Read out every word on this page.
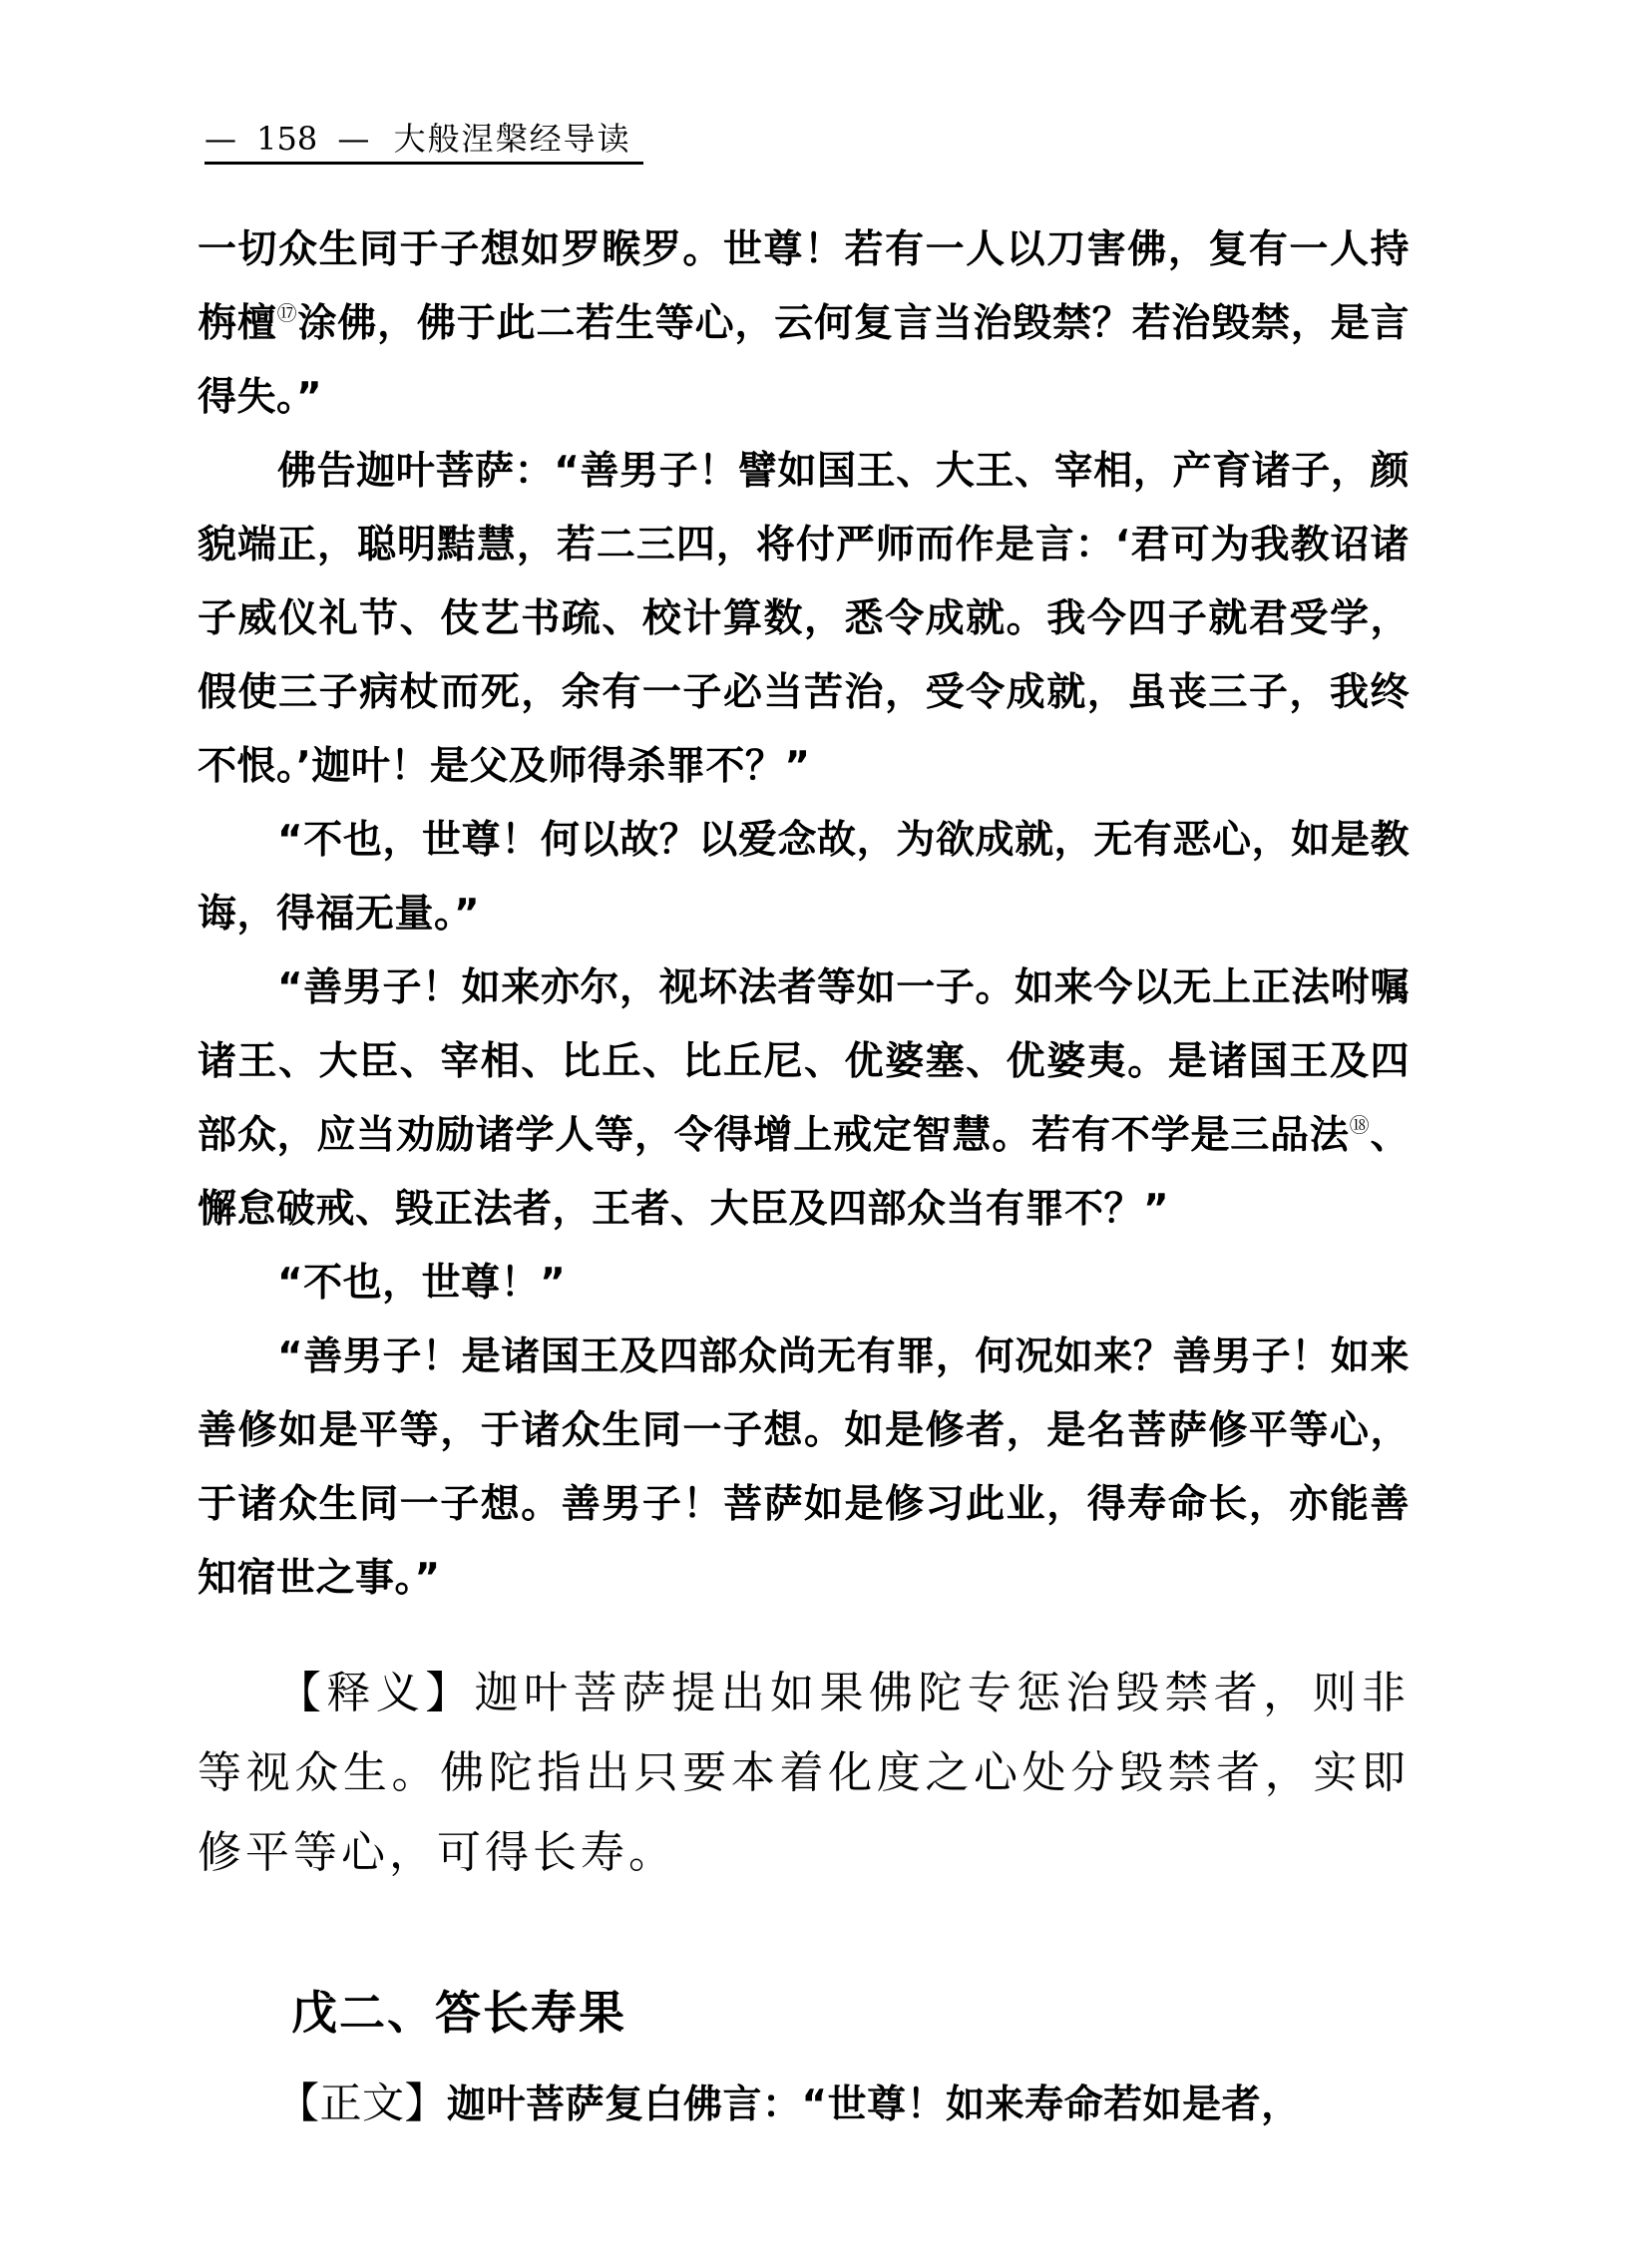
— 158 — 大般涅槃经导读

一切众生同于子想如罗睺罗。世尊！若有一人以刀害佛，复有一人持栴檀⑰涂佛，佛于此二若生等心，云何复言当治毁禁？若治毁禁，是言得失。”

佛告迦叶菩萨：“善男子！譬如国王、大王、宰相，产育诸子，颜貌端正，聪明黠慧，若二三四，将付严师而作是言：‘君可为我教诏诸子威仪礼节、伎艺书疏、校计算数，悉令成就。我今四子就君受学，假使三子病杖而死，余有一子必当苦治，受令成就，虽丧三子，我终不恨。’迦叶！是父及师得杀罪不？”

“不也，世尊！何以故？以爱念故，为欲成就，无有恶心，如是教诲，得福无量。”

“善男子！如来亦尔，视坏法者等如一子。如来今以无上正法咐嘱诸王、大臣、宰相、比丘、比丘尼、优婆塞、优婆夷。是诸国王及四部众，应当劝励诸学人等，令得增上戒定智慧。若有不学是三品法⑱、懈怠破戒、毁正法者，王者、大臣及四部众当有罪不？”

“不也，世尊！”

“善男子！是诸国王及四部众尚无有罪，何况如来？善男子！如来善修如是平等，于诸众生同一子想。如是修者，是名菩萨修平等心，于诸众生同一子想。善男子！菩萨如是修习此业，得寿命长，亦能善知宿世之事。”

【释义】迦叶菩萨提出如果佛陀专惩治毁禁者，则非等视众生。佛陀指出只要本着化度之心处分毁禁者，实即修平等心，可得长寿。

戊二、答长寿果

【正文】迦叶菩萨复白佛言：“世尊！如来寿命若如是者，
